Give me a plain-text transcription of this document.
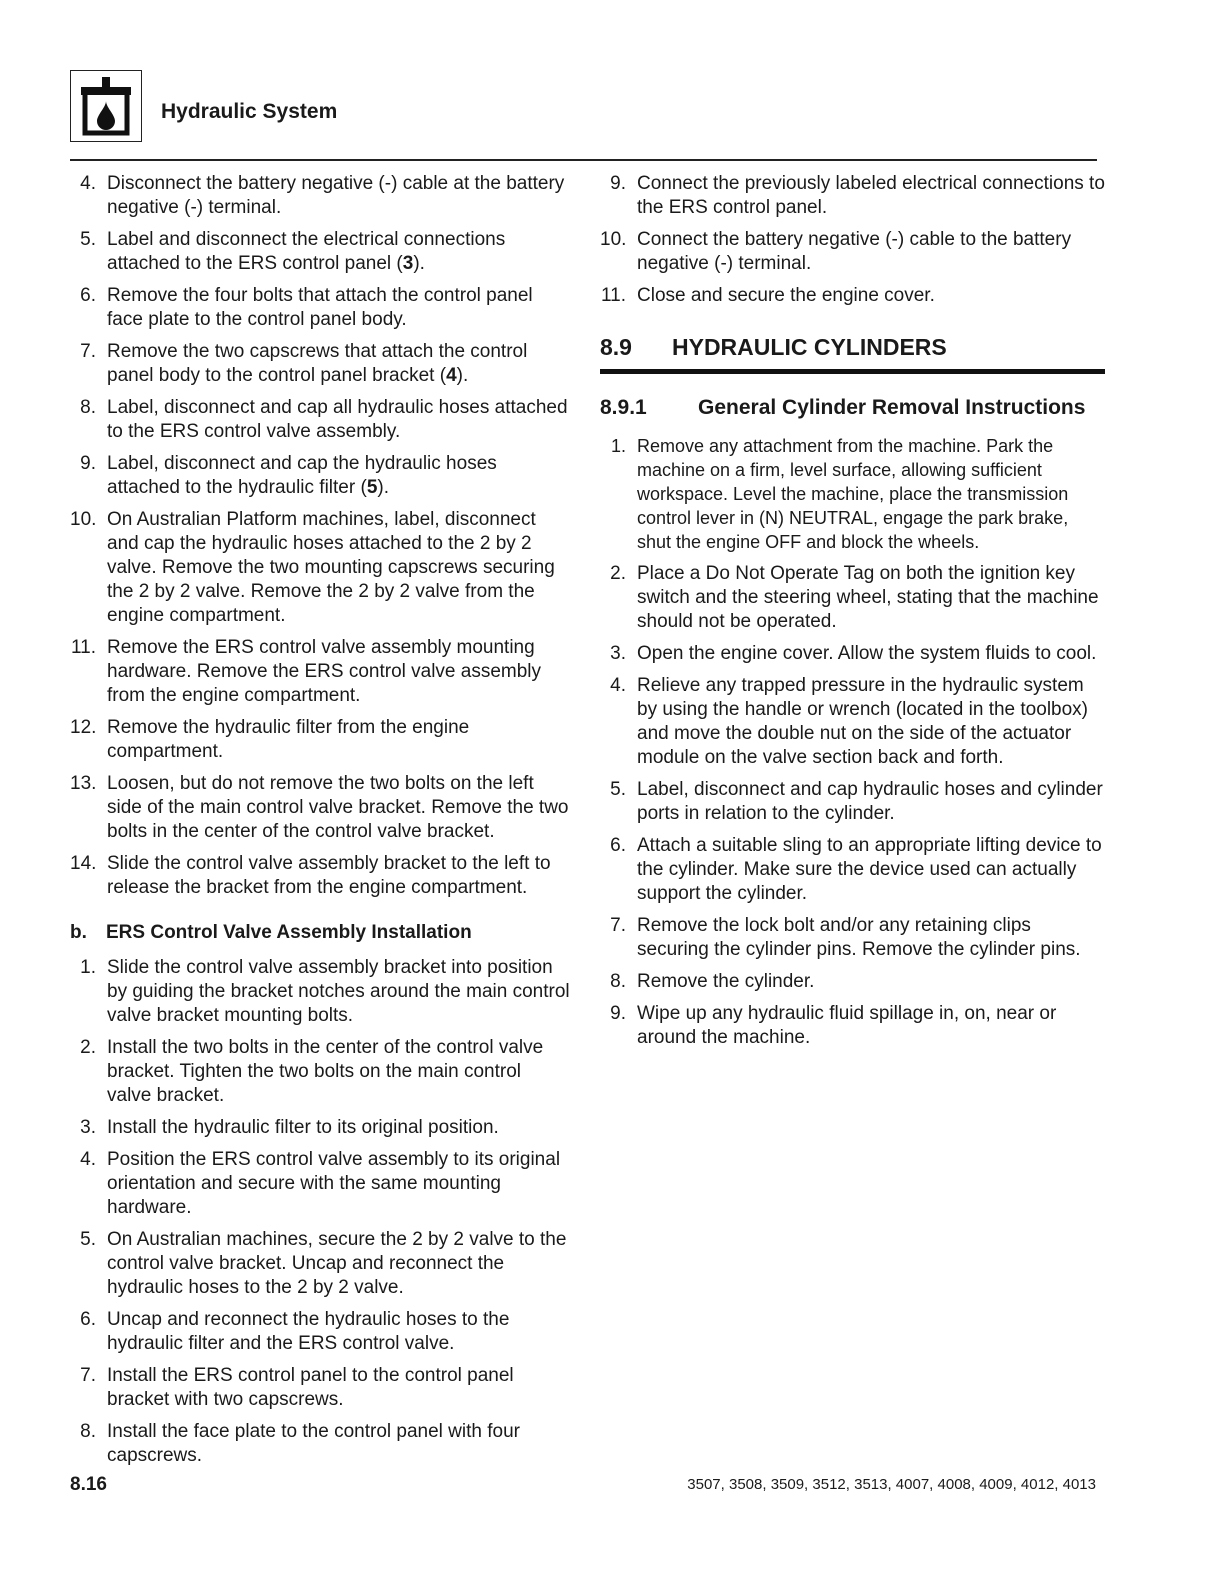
Hydraulic System
4. Disconnect the battery negative (-) cable at the battery negative (-) terminal.
5. Label and disconnect the electrical connections attached to the ERS control panel (3).
6. Remove the four bolts that attach the control panel face plate to the control panel body.
7. Remove the two capscrews that attach the control panel body to the control panel bracket (4).
8. Label, disconnect and cap all hydraulic hoses attached to the ERS control valve assembly.
9. Label, disconnect and cap the hydraulic hoses attached to the hydraulic filter (5).
10. On Australian Platform machines, label, disconnect and cap the hydraulic hoses attached to the 2 by 2 valve. Remove the two mounting capscrews securing the 2 by 2 valve. Remove the 2 by 2 valve from the engine compartment.
11. Remove the ERS control valve assembly mounting hardware. Remove the ERS control valve assembly from the engine compartment.
12. Remove the hydraulic filter from the engine compartment.
13. Loosen, but do not remove the two bolts on the left side of the main control valve bracket. Remove the two bolts in the center of the control valve bracket.
14. Slide the control valve assembly bracket to the left to release the bracket from the engine compartment.
b. ERS Control Valve Assembly Installation
1. Slide the control valve assembly bracket into position by guiding the bracket notches around the main control valve bracket mounting bolts.
2. Install the two bolts in the center of the control valve bracket. Tighten the two bolts on the main control valve bracket.
3. Install the hydraulic filter to its original position.
4. Position the ERS control valve assembly to its original orientation and secure with the same mounting hardware.
5. On Australian machines, secure the 2 by 2 valve to the control valve bracket. Uncap and reconnect the hydraulic hoses to the 2 by 2 valve.
6. Uncap and reconnect the hydraulic hoses to the hydraulic filter and the ERS control valve.
7. Install the ERS control panel to the control panel bracket with two capscrews.
8. Install the face plate to the control panel with four capscrews.
9. Connect the previously labeled electrical connections to the ERS control panel.
10. Connect the battery negative (-) cable to the battery negative (-) terminal.
11. Close and secure the engine cover.
8.9 HYDRAULIC CYLINDERS
8.9.1	General Cylinder Removal Instructions
1. Remove any attachment from the machine. Park the machine on a firm, level surface, allowing sufficient workspace. Level the machine, place the transmission control lever in (N) NEUTRAL, engage the park brake, shut the engine OFF and block the wheels.
2. Place a Do Not Operate Tag on both the ignition key switch and the steering wheel, stating that the machine should not be operated.
3. Open the engine cover. Allow the system fluids to cool.
4. Relieve any trapped pressure in the hydraulic system by using the handle or wrench (located in the toolbox) and move the double nut on the side of the actuator module on the valve section back and forth.
5. Label, disconnect and cap hydraulic hoses and cylinder ports in relation to the cylinder.
6. Attach a suitable sling to an appropriate lifting device to the cylinder. Make sure the device used can actually support the cylinder.
7. Remove the lock bolt and/or any retaining clips securing the cylinder pins. Remove the cylinder pins.
8. Remove the cylinder.
9. Wipe up any hydraulic fluid spillage in, on, near or around the machine.
8.16	3507, 3508, 3509, 3512, 3513, 4007, 4008, 4009, 4012, 4013
